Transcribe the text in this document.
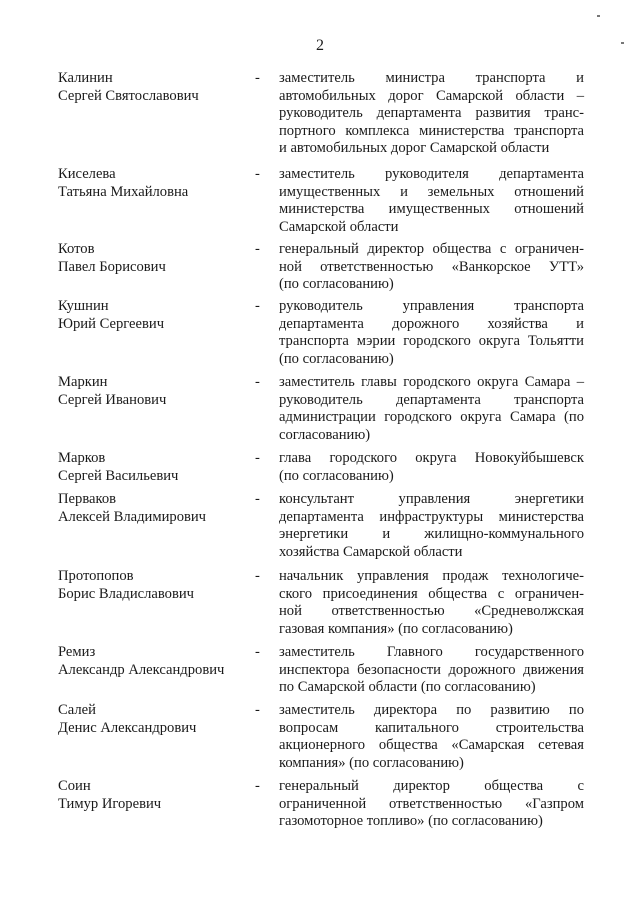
2
Калинин
Сергей Святославович
- заместитель министра транспорта и
автомобильных дорог Самарской области –
руководитель департамента развития транс-
портного комплекса министерства транспорта
и автомобильных дорог Самарской области
Киселева
Татьяна Михайловна
- заместитель руководителя департамента
имущественных и земельных отношений
министерства имущественных отношений
Самарской области
Котов
Павел Борисович
- генеральный директор общества с ограничен-
ной ответственностью «Ванкорское УТТ»
(по согласованию)
Кушнин
Юрий Сергеевич
- руководитель управления транспорта
департамента дорожного хозяйства и
транспорта мэрии городского округа Тольятти
(по согласованию)
Маркин
Сергей Иванович
- заместитель главы городского округа Самара –
руководитель департамента транспорта
администрации городского округа Самара (по
согласованию)
Марков
Сергей Васильевич
- глава городского округа Новокуйбышевск
(по согласованию)
Перваков
Алексей Владимирович
- консультант управления энергетики
департамента инфраструктуры министерства
энергетики и жилищно-коммунального
хозяйства Самарской области
Протопопов
Борис Владиславович
- начальник управления продаж технологиче-
ского присоединения общества с ограничен-
ной ответственностью «Средневолжская
газовая компания» (по согласованию)
Ремиз
Александр Александрович
- заместитель Главного государственного
инспектора безопасности дорожного движения
по Самарской области (по согласованию)
Салей
Денис Александрович
- заместитель директора по развитию по
вопросам капитального строительства
акционерного общества «Самарская сетевая
компания» (по согласованию)
Соин
Тимур Игоревич
- генеральный директор общества с
ограниченной ответственностью «Газпром
газомоторное топливо» (по согласованию)
